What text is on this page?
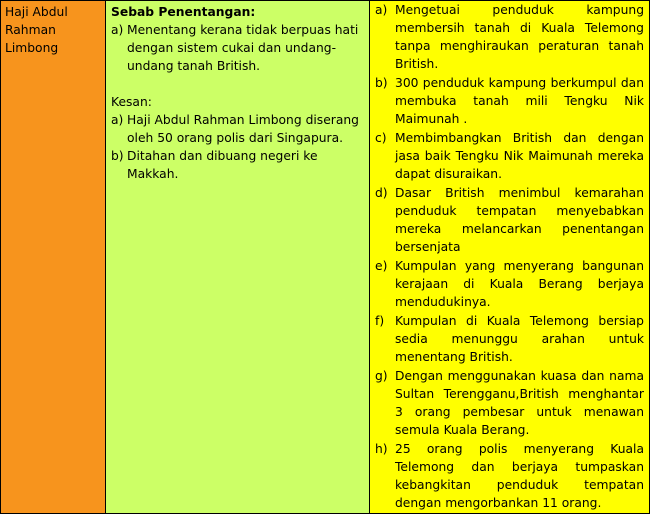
Haji Abdul
Rahman
Limbong
Sebab Penentangan:
a) Menentang kerana tidak berpuas hati dengan sistem cukai dan undang-undang tanah British.
Kesan:
a) Haji Abdul Rahman Limbong diserang oleh 50 orang polis dari Singapura.
b) Ditahan dan dibuang negeri ke Makkah.
a) Mengetuai penduduk kampung membersih tanah di Kuala Telemong tanpa menghiraukan peraturan tanah British.
b) 300 penduduk kampung berkumpul dan membuka tanah mili Tengku Nik Maimunah .
c) Membimbangkan British dan dengan jasa baik Tengku Nik Maimunah mereka dapat disuraikan.
d) Dasar British menimbul kemarahan penduduk tempatan menyebabkan mereka melancarkan penentangan bersenjata
e) Kumpulan yang menyerang bangunan kerajaan di Kuala Berang berjaya mendudukinya.
f) Kumpulan di Kuala Telemong bersiap sedia menunggu arahan untuk menentang British.
g) Dengan menggunakan kuasa dan nama Sultan Terengganu,British menghantar 3 orang pembesar untuk menawan semula Kuala Berang.
h) 25 orang polis menyerang Kuala Telemong dan berjaya tumpaskan kebangkitan penduduk tempatan dengan mengorbankan 11 orang.
